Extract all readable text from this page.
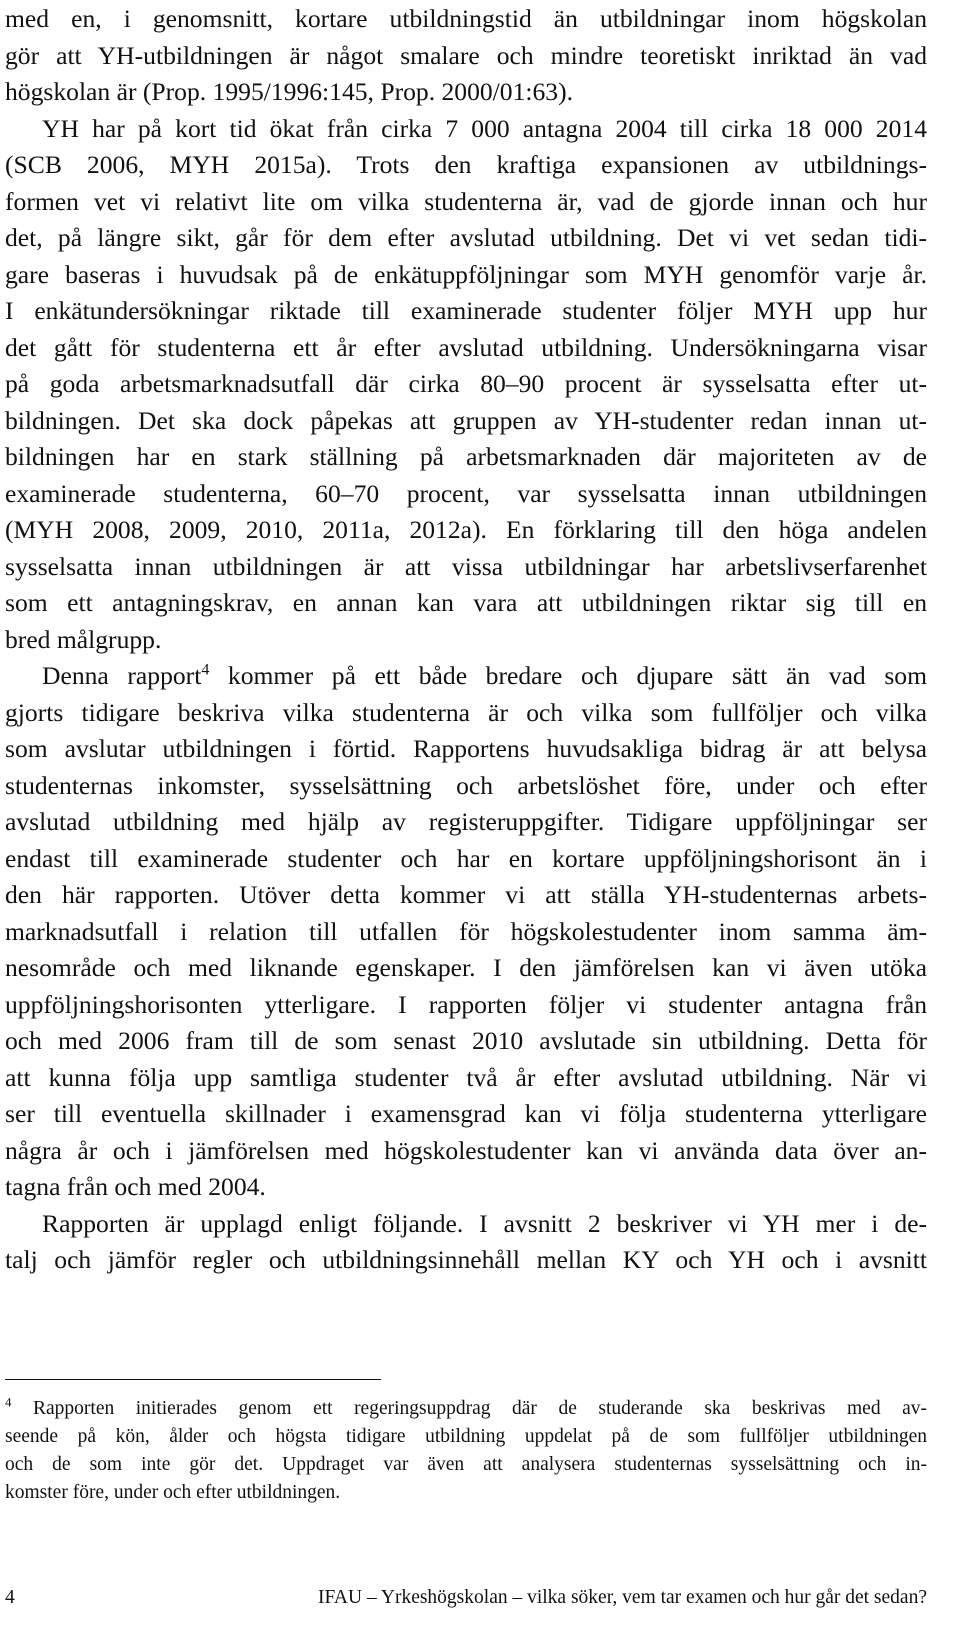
med en, i genomsnitt, kortare utbildningstid än utbildningar inom högskolan
gör att YH-utbildningen är något smalare och mindre teoretiskt inriktad än vad
högskolan är (Prop. 1995/1996:145, Prop. 2000/01:63).
YH har på kort tid ökat från cirka 7 000 antagna 2004 till cirka 18 000 2014
(SCB 2006, MYH 2015a). Trots den kraftiga expansionen av utbildnings-
formen vet vi relativt lite om vilka studenterna är, vad de gjorde innan och hur
det, på längre sikt, går för dem efter avslutad utbildning. Det vi vet sedan tidi-
gare baseras i huvudsak på de enkätuppföljningar som MYH genomför varje år.
I enkätundersökningar riktade till examinerade studenter följer MYH upp hur
det gått för studenterna ett år efter avslutad utbildning. Undersökningarna visar
på goda arbetsmarknadsutfall där cirka 80–90 procent är sysselsatta efter ut-
bildningen. Det ska dock påpekas att gruppen av YH-studenter redan innan ut-
bildningen har en stark ställning på arbetsmarknaden där majoriteten av de
examinerade studenterna, 60–70 procent, var sysselsatta innan utbildningen
(MYH 2008, 2009, 2010, 2011a, 2012a). En förklaring till den höga andelen
sysselsatta innan utbildningen är att vissa utbildningar har arbetslivserfarenhet
som ett antagningskrav, en annan kan vara att utbildningen riktar sig till en
bred målgrupp.
Denna rapport$^4$ kommer på ett både bredare och djupare sätt än vad som
gjorts tidigare beskriva vilka studenterna är och vilka som fullföljer och vilka
som avslutar utbildningen i förtid. Rapportens huvudsakliga bidrag är att belysa
studenternas inkomster, sysselsättning och arbetslöshet före, under och efter
avslutad utbildning med hjälp av registeruppgifter. Tidigare uppföljningar ser
endast till examinerade studenter och har en kortare uppföljningshorisont än i
den här rapporten. Utöver detta kommer vi att ställa YH-studenternas arbets-
marknadsutfall i relation till utfallen för högskolestudenter inom samma äm-
nesområde och med liknande egenskaper. I den jämförelsen kan vi även utöka
uppföljningshorisonten ytterligare. I rapporten följer vi studenter antagna från
och med 2006 fram till de som senast 2010 avslutade sin utbildning. Detta för
att kunna följa upp samtliga studenter två år efter avslutad utbildning. När vi
ser till eventuella skillnader i examensgrad kan vi följa studenterna ytterligare
några år och i jämförelsen med högskolestudenter kan vi använda data över an-
tagna från och med 2004.
Rapporten är upplagd enligt följande. I avsnitt 2 beskriver vi YH mer i de-
talj och jämför regler och utbildningsinnehåll mellan KY och YH och i avsnitt
$^4$ Rapporten initierades genom ett regeringsuppdrag där de studerande ska beskrivas med av-
seende på kön, ålder och högsta tidigare utbildning uppdelat på de som fullföljer utbildningen
och de som inte gör det. Uppdraget var även att analysera studenternas sysselsättning och in-
komster före, under och efter utbildningen.
4	IFAU – Yrkeshögskolan – vilka söker, vem tar examen och hur går det sedan?
